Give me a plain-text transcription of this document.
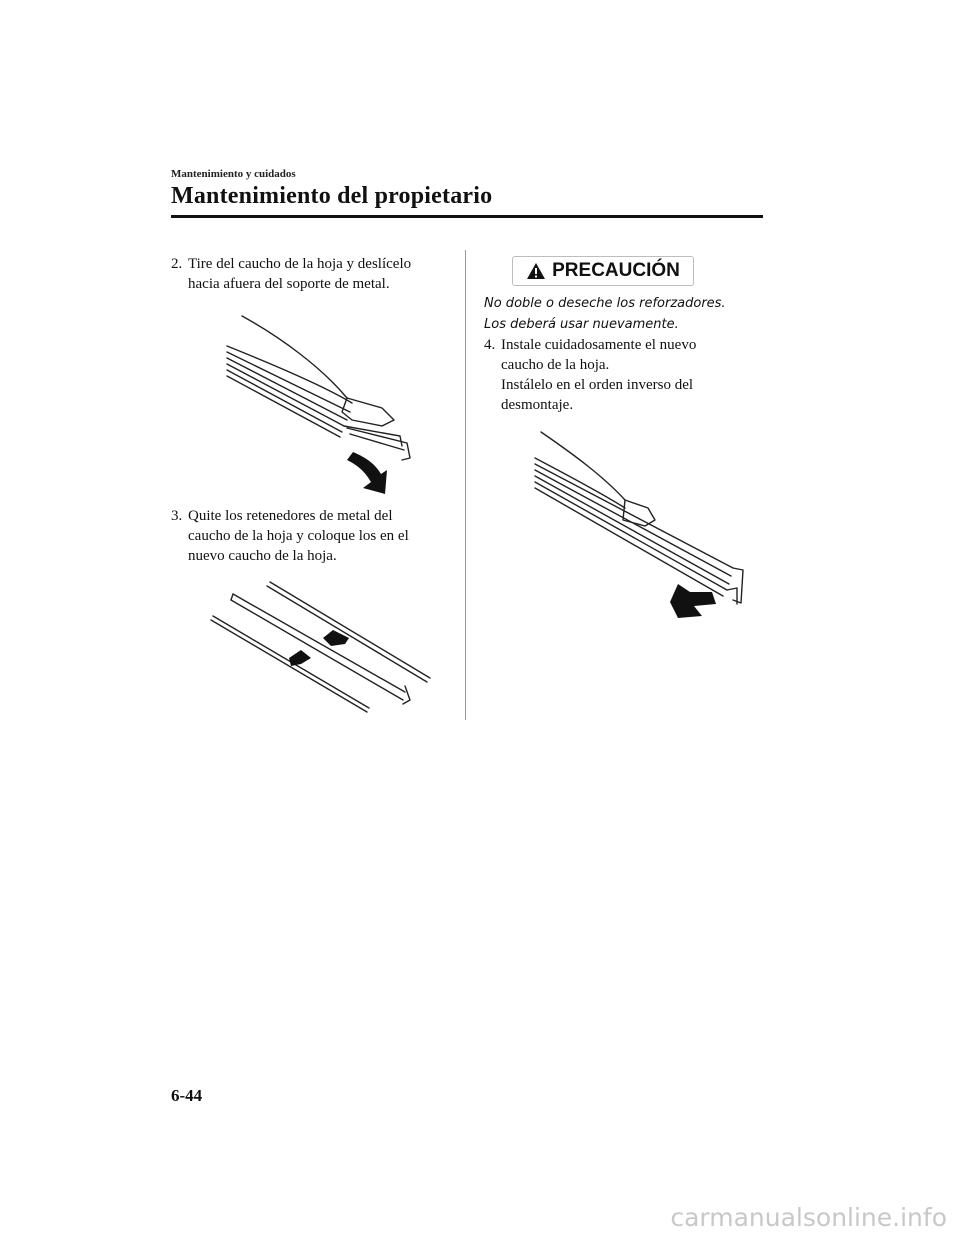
Mantenimiento y cuidados
Mantenimiento del propietario
2. Tire del caucho de la hoja y deslícelo
hacia afuera del soporte de metal.
3. Quite los retenedores de metal del
caucho de la hoja y coloque los en el
nuevo caucho de la hoja.
PRECAUCIÓN
No doble o deseche los reforzadores.
Los deberá usar nuevamente.
4. Instale cuidadosamente el nuevo
caucho de la hoja.
Instálelo en el orden inverso del
desmontaje.
6-44
carmanualsonline.info
